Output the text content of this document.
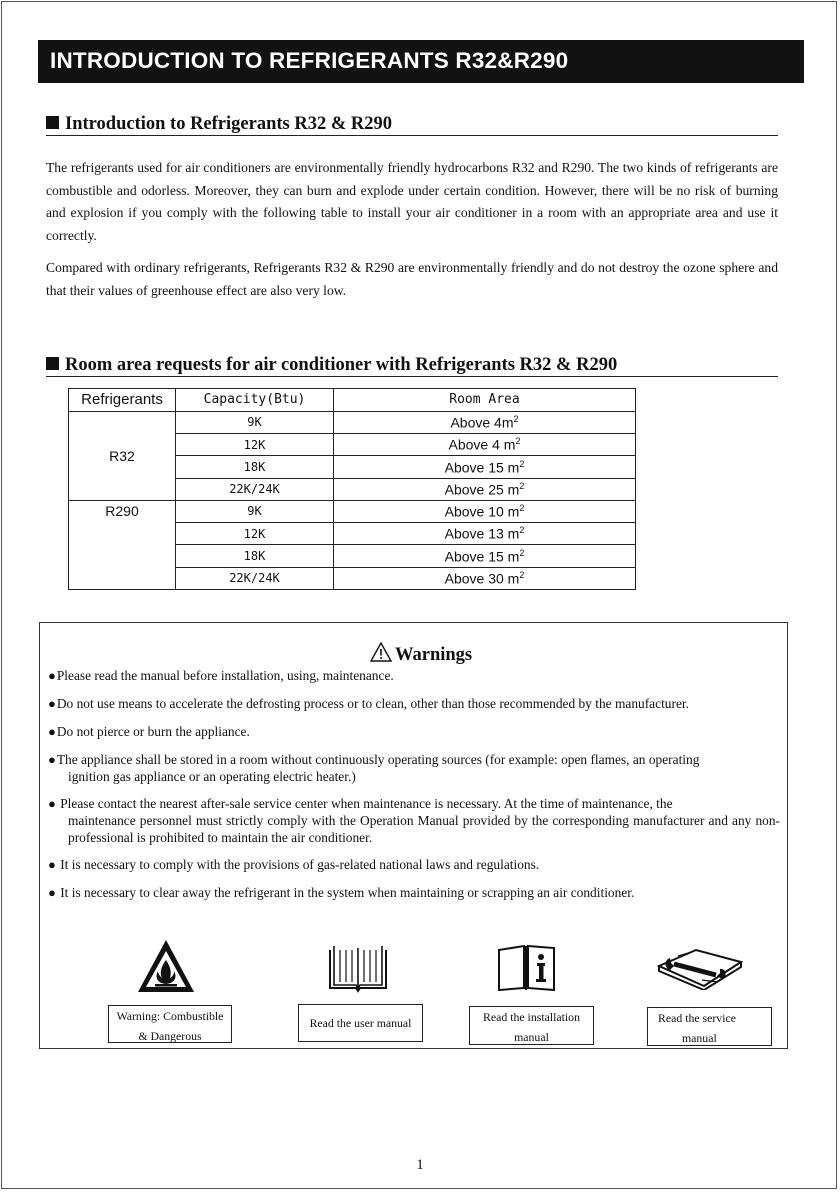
INTRODUCTION TO REFRIGERANTS R32&R290
Introduction to Refrigerants R32 & R290

The refrigerants used for air conditioners are environmentally friendly hydrocarbons R32 and R290. The two kinds of refrigerants are combustible and odorless. Moreover, they can burn and explode under certain condition. However, there will be no risk of burning and explosion if you comply with the following table to install your air conditioner in a room with an appropriate area and use it correctly.

Compared with ordinary refrigerants, Refrigerants R32 & R290 are environmentally friendly and do not destroy the ozone sphere and that their values of greenhouse effect are also very low.

Room area requests for air conditioner with Refrigerants R32 & R290
Refrigerants	Capacity(Btu)	Room Area
R32	9K	Above $4m^2$
	12K	Above 4 $m^2$
	18K	Above 15 $m^2$
	22K/24K	Above 25 $m^2$
R290	9K	Above 10 $m^2$
	12K	Above 13 $m^2$
	18K	Above 15 $m^2$
	22K/24K	Above 30 $m^2$
Warnings

●Please read the manual before installation, using, maintenance.

●Do not use means to accelerate the defrosting process or to clean, other than those recommended by the manufacturer.

●Do not pierce or burn the appliance.

●The appliance shall be stored in a room without continuously operating sources (for example: open flames, an operating
ignition gas appliance or an operating electric heater.)

● Please contact the nearest after-sale service center when maintenance is necessary. At the time of maintenance, the
maintenance personnel must strictly comply with the Operation Manual provided by the corresponding manufacturer and any non-professional is prohibited to maintain the air conditioner.

● It is necessary to comply with the provisions of gas-related national laws and regulations.

● It is necessary to clear away the refrigerant in the system when maintaining or scrapping an air conditioner.

Warning: Combustible
& Dangerous
Read the user manual	Read the installation
manual
Read the service
manual
1
